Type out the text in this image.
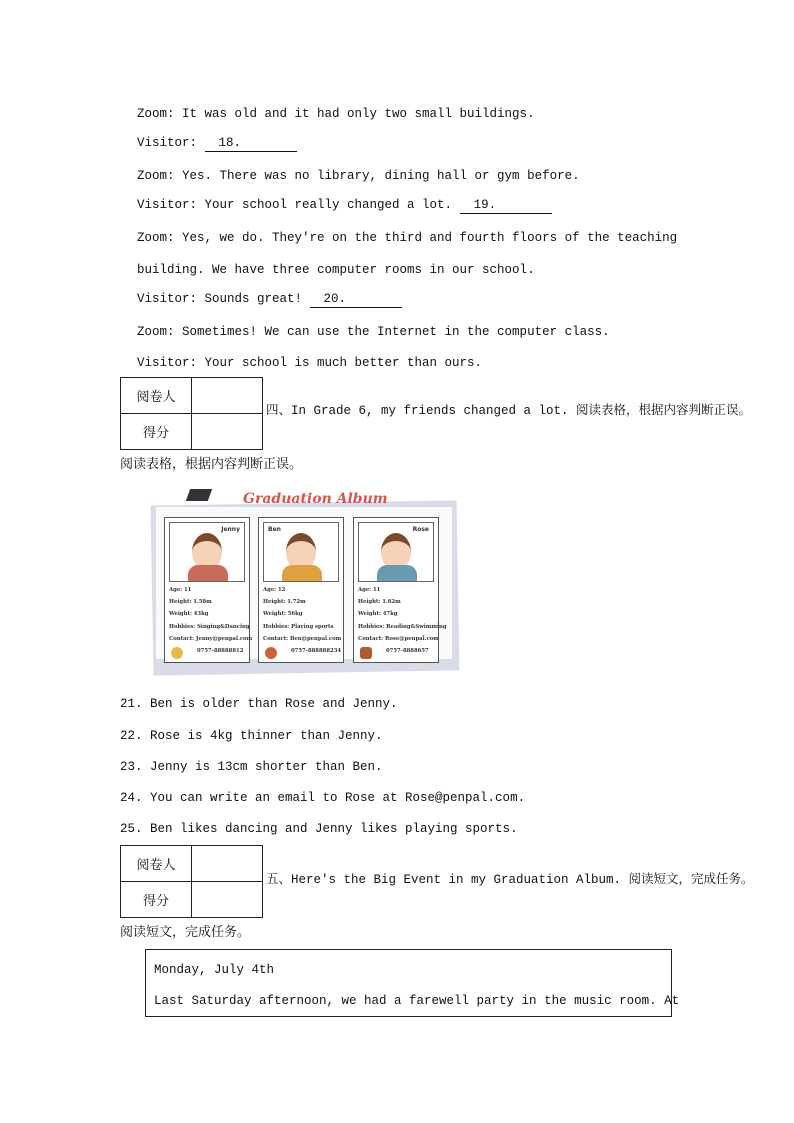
Zoom: It was old and it had only two small buildings.
Visitor: 18.
Zoom: Yes. There was no library, dining hall or gym before.
Visitor: Your school really changed a lot. 19.
Zoom: Yes, we do. They're on the third and fourth floors of the teaching
building. We have three computer rooms in our school.
Visitor: Sounds great! 20.
Zoom: Sometimes! We can use the Internet in the computer class.
Visitor: Your school is much better than ours.
阅卷人	
得分	
四、In Grade 6, my friends changed a lot. 阅读表格，根据内容判断正误。
阅读表格，根据内容判断正误。
Graduation Album
Jenny
Age: 11
Height: 1.58m
Weight: 43kg
Hobbies: Singing&Dancing
Contact: Jenny@penpal.com
0757-88888812
Ben
Age: 12
Height: 1.72m
Weight: 56kg
Hobbies: Playing sports
Contact: Ben@penpal.com
0757-888888234
Rose
Age: 11
Height: 1.62m
Weight: 47kg
Hobbies: Reading&Swimming
Contact: Rose@penpal.com
0757-8888657
21. Ben is older than Rose and Jenny.
22. Rose is 4kg thinner than Jenny.
23. Jenny is 13cm shorter than Ben.
24. You can write an email to Rose at Rose@penpal.com.
25. Ben likes dancing and Jenny likes playing sports.
阅卷人	
得分	
五、Here's the Big Event in my Graduation Album. 阅读短文，完成任务。
阅读短文，完成任务。
Monday, July 4th
Last Saturday afternoon, we had a farewell party in the music room. At
